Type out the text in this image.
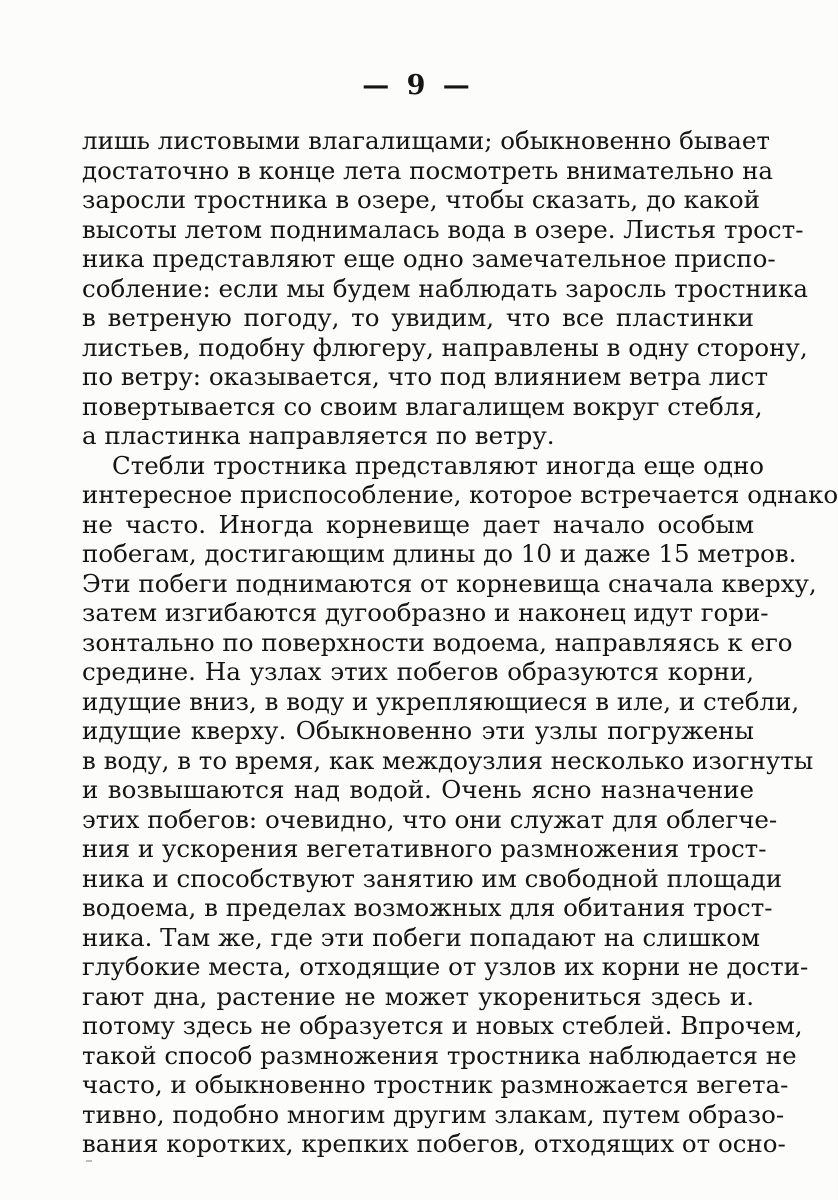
— 9 —
лишь листовыми влагалищами; обыкновенно бывает
достаточно в конце лета посмотреть внимательно на
заросли тростника в озере, чтобы сказать, до какой
высоты летом поднималась вода в озере. Листья трост-
ника представляют еще одно замечательное приспо-
собление: если мы будем наблюдать заросль тростника
в ветреную погоду, то увидим, что все пластинки
листьев, подобну флюгеру, направлены в одну сторону,
по ветру: оказывается, что под влиянием ветра лист
повертывается со своим влагалищем вокруг стебля,
а пластинка направляется по ветру.
Стебли тростника представляют иногда еще одно
интересное приспособление, которое встречается однако
не часто. Иногда корневище дает начало особым
побегам, достигающим длины до 10 и даже 15 метров.
Эти побеги поднимаются от корневища сначала кверху,
затем изгибаются дугообразно и наконец идут гори-
зонтально по поверхности водоема, направляясь к его
средине. На узлах этих побегов образуются корни,
идущие вниз, в воду и укрепляющиеся в иле, и стебли,
идущие кверху. Обыкновенно эти узлы погружены
в воду, в то время, как междоузлия несколько изогнуты
и возвышаются над водой. Очень ясно назначение
этих побегов: очевидно, что они служат для облегче-
ния и ускорения вегетативного размножения трост-
ника и способствуют занятию им свободной площади
водоема, в пределах возможных для обитания трост-
ника. Там же, где эти побеги попадают на слишком
глубокие места, отходящие от узлов их корни не дости-
гают дна, растение не может укорениться здесь и.
потому здесь не образуется и новых стеблей. Впрочем,
такой способ размножения тростника наблюдается не
часто, и обыкновенно тростник размножается вегета-
тивно, подобно многим другим злакам, путем образо-
вания коротких, крепких побегов, отходящих от осно-
